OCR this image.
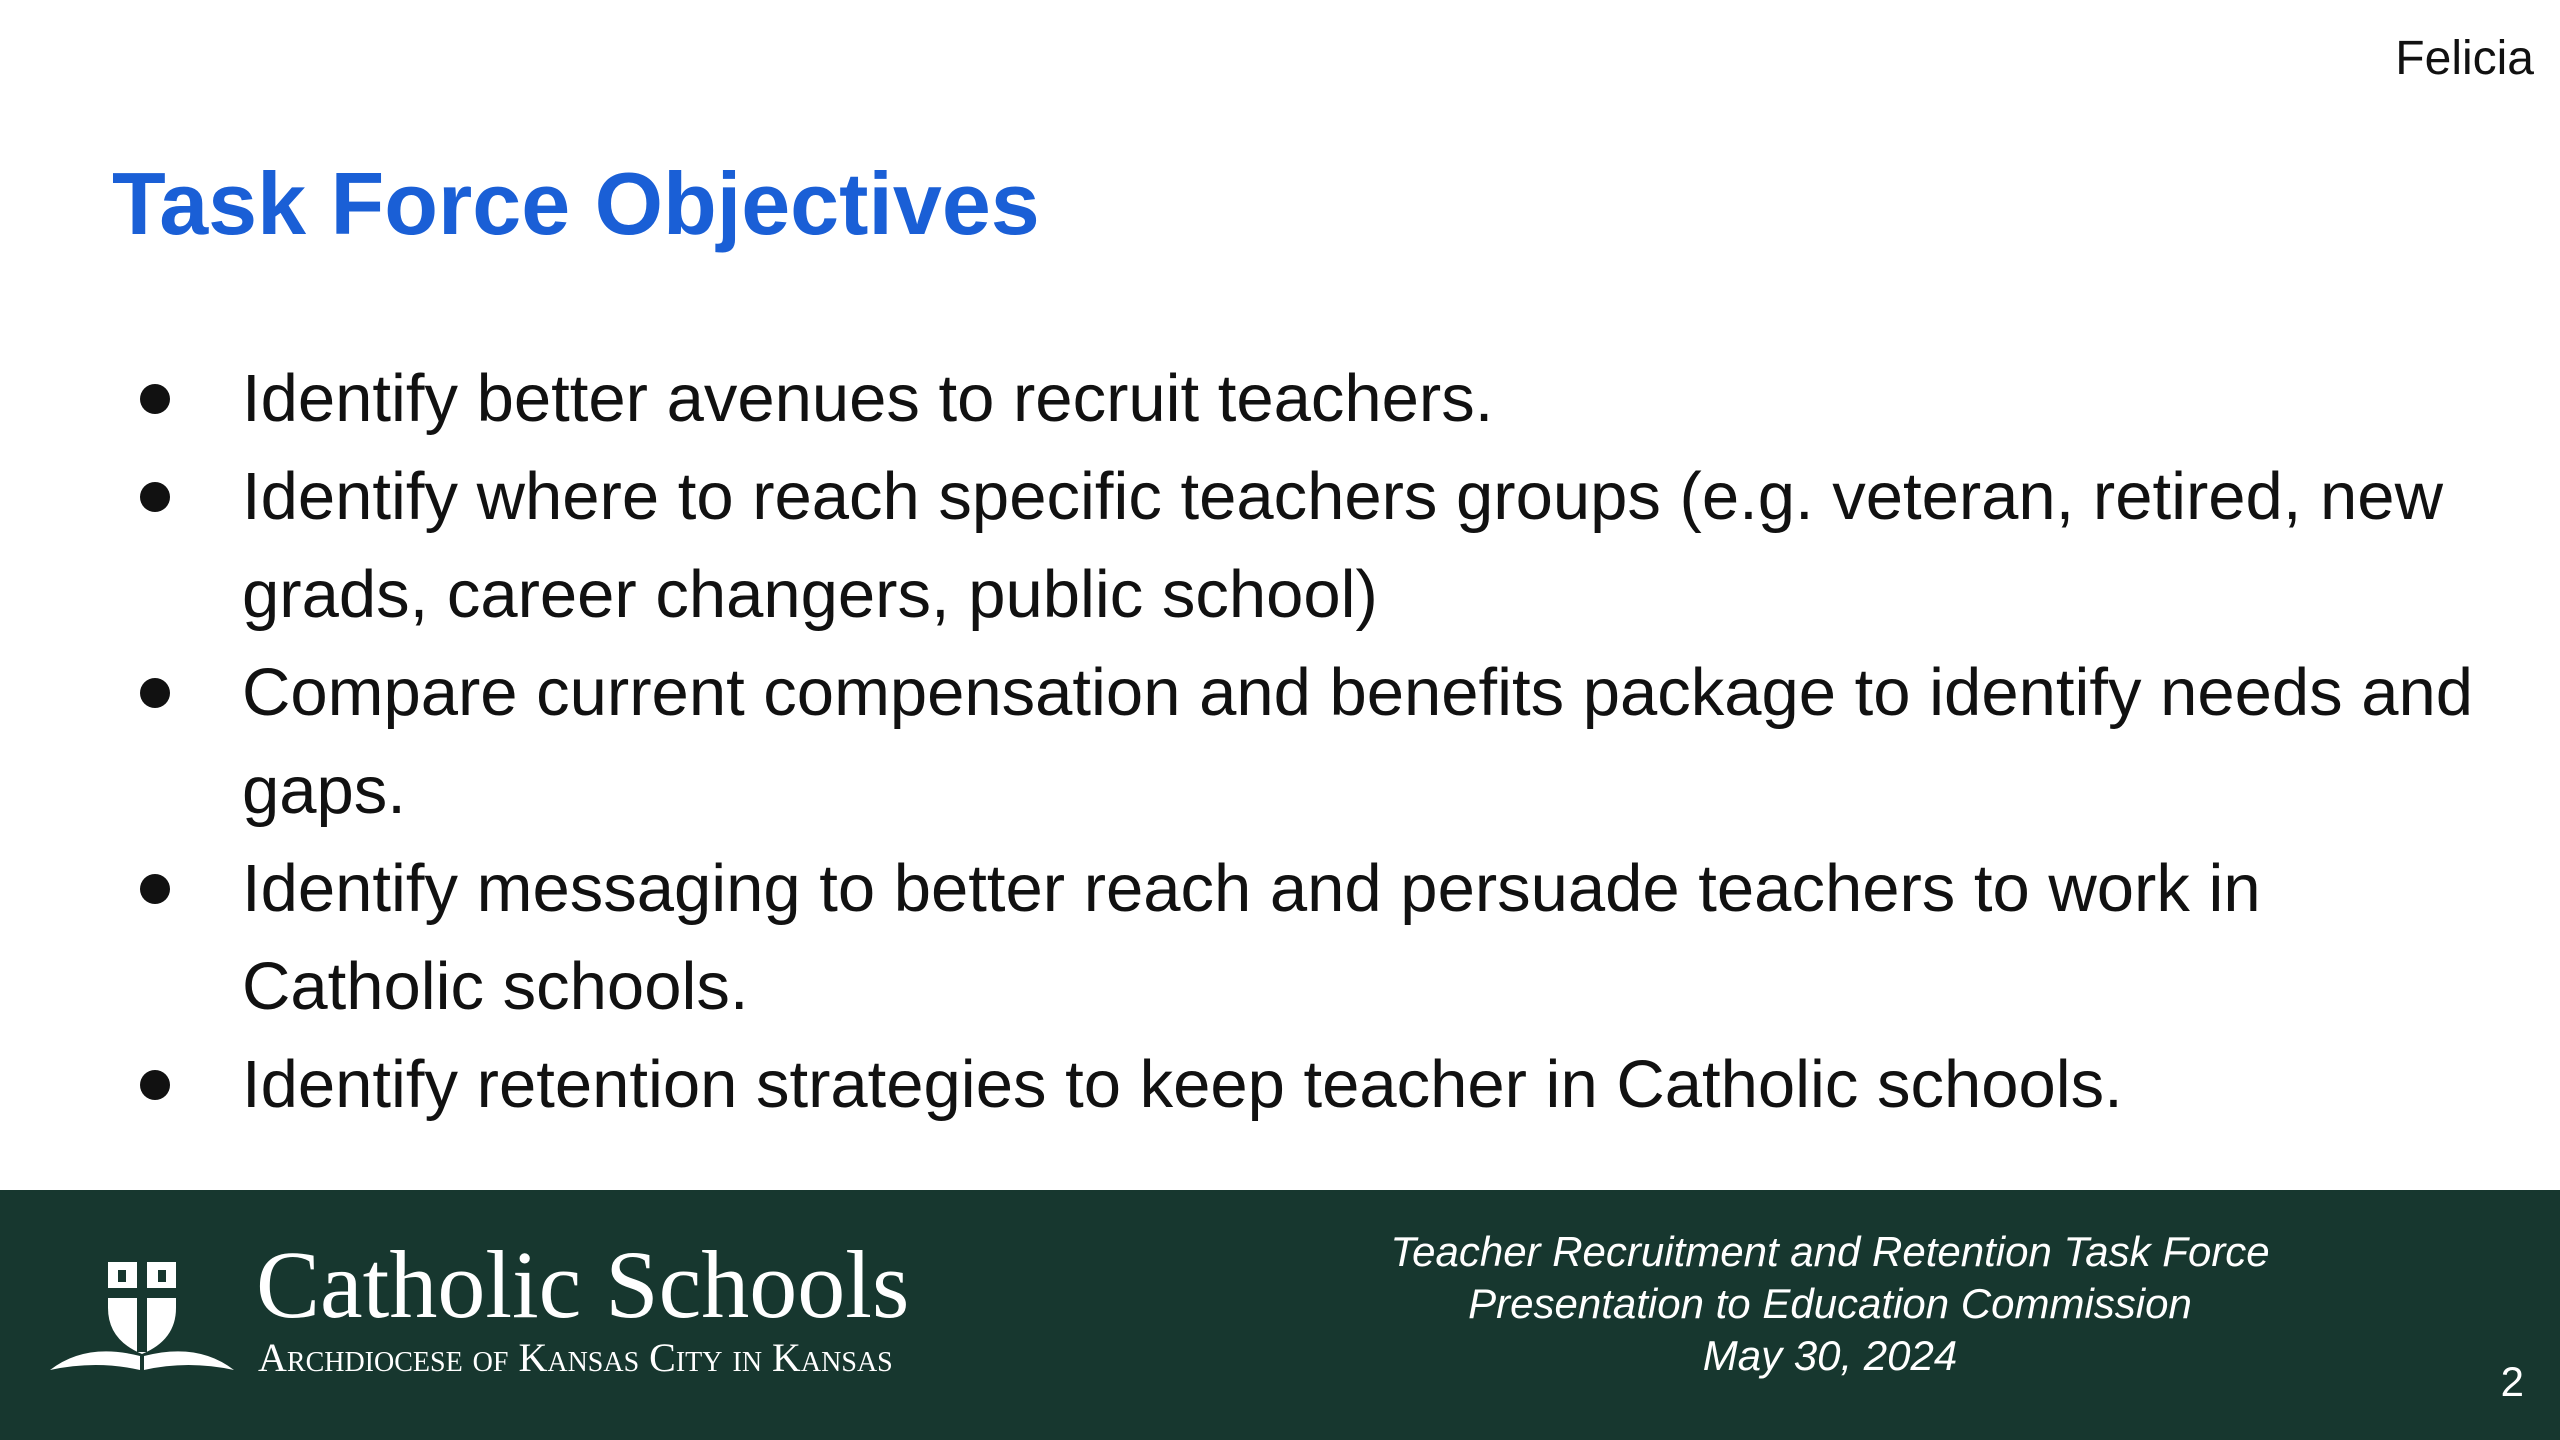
Felicia
Task Force Objectives
Identify better avenues to recruit teachers.
Identify where to reach specific teachers groups (e.g. veteran, retired, new grads, career changers, public school)
Compare current compensation and benefits package to identify needs and gaps.
Identify messaging to better reach and persuade teachers to work in Catholic schools.
Identify retention strategies to keep teacher in Catholic schools.
Catholic Schools
Archdiocese of Kansas City in Kansas
Teacher Recruitment and Retention Task Force
Presentation to Education Commission
May 30, 2024
2
